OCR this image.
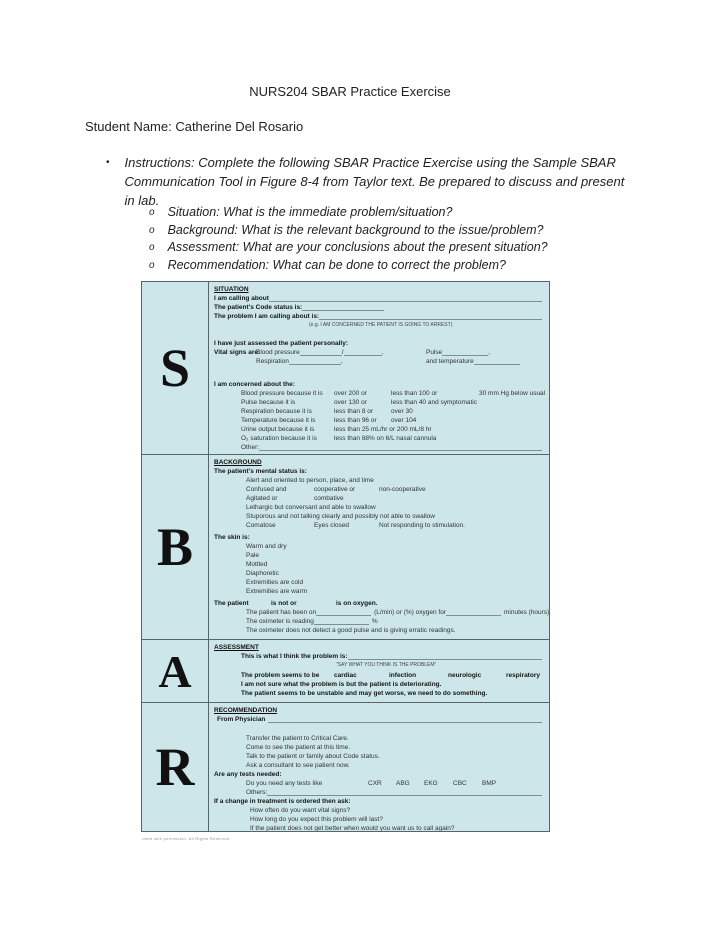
NURS204 SBAR Practice Exercise
Student Name: Catherine Del Rosario
• Instructions: Complete the following SBAR Practice Exercise using the Sample SBAR Communication Tool in Figure 8-4 from Taylor text. Be prepared to discuss and present in lab.
o Situation: What is the immediate problem/situation?
o Background: What is the relevant background to the issue/problem?
o Assessment: What are your conclusions about the present situation?
o Recommendation: What can be done to correct the problem?
S
SITUATION
I am calling about
The patient's Code status is:
The problem I am calling about is:
(e.g. I AM CONCERNED THE PATIENT IS GOING TO ARREST)
I have just assessed the patient personally:
Vital signs are:
Blood pressure	/	,	Pulse	,
Respiration	,	and temperature
I am concerned about the:
Blood pressure because it is	over 200 or	less than 100 or	30 mm Hg below usual
Pulse because it is	over 130 or	less than 40 and symptomatic
Respiration because it is	less than 8 or	over 30
Temperature because it is	less than 96 or	over 104
Urine output because it is	less than 25 mL/hr or 200 mL/8 hr
O₂ saturation because it is	less than 88% on 6/L nasal cannula
Other:
B
BACKGROUND
The patient's mental status is:
Alert and oriented to person, place, and time
Confused and	cooperative or	non-cooperative
Agitated or	combative
Lethargic but conversant and able to swallow
Stuporous and not talking clearly and possibly not able to swallow
Comatose	Eyes closed	Not responding to stimulation.
The skin is:
Warm and dry
Pale
Mottled
Diaphoretic
Extremities are cold
Extremities are warm
The patient	is not or	is on oxygen.
The patient has been on	(L/min) or (%) oxygen for	minutes (hours)
The oximeter is reading	%
The oximeter does not detect a good pulse and is giving erratic readings.
A	ASSESSMENT
This is what I think the problem is:
“SAY WHAT YOU THINK IS THE PROBLEM”
The problem seems to be	cardiac	infection	neurologic	respiratory
I am not sure what the problem is but the patient is deteriorating.
The patient seems to be unstable and may get worse, we need to do something.
R
RECOMMENDATION
From Physician
Transfer the patient to Critical Care.
Come to see the patient at this time.
Talk to the patient or family about Code status.
Ask a consultant to see patient now.
Are any tests needed:
Do you need any tests like	CXR	ABG	EKG	CBC	BMP
Others:
If a change in treatment is ordered then ask:
How often do you want vital signs?
How long do you expect this problem will last?
If the patient does not get better when would you want us to call again?
Used with permission. All Rights Reserved.
